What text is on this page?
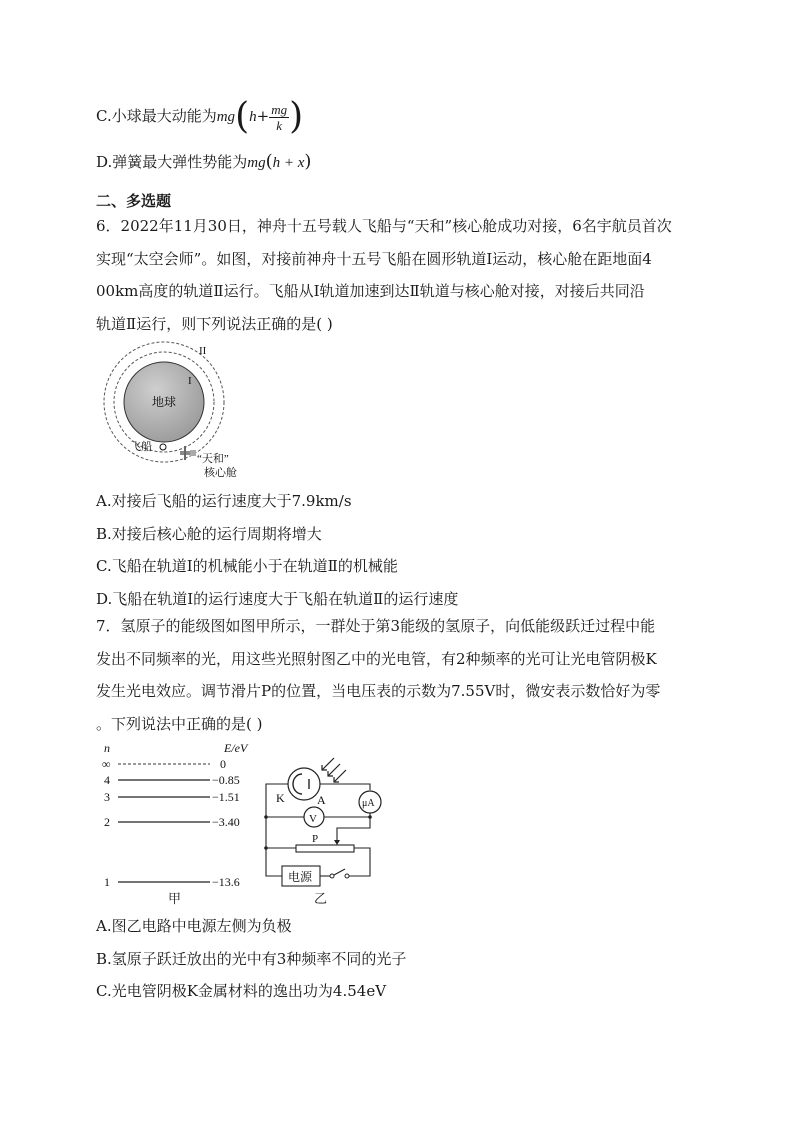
C.小球最大动能为$mg(h+ \frac{mg}{k}$ )
D.弹簧最大弹性势能为mg(h + x)
二、多选题
6．2022年11月30日，神舟十五号载人飞船与“天和”核心舱成功对接，6名宇航员首次
实现“太空会师”。如图，对接前神舟十五号飞船在圆形轨道Ⅰ运动，核心舱在距地面4
00km高度的轨道Ⅱ运行。飞船从Ⅰ轨道加速到达Ⅱ轨道与核心舱对接，对接后共同沿
轨道Ⅱ运行，则下列说法正确的是( )
地球
II
I
飞船
“天和”
核心舱
A.对接后飞船的运行速度大于7.9km/s
B.对接后核心舱的运行周期将增大
C.飞船在轨道Ⅰ的机械能小于在轨道Ⅱ的机械能
D.飞船在轨道Ⅰ的运行速度大于飞船在轨道Ⅱ的运行速度
7．氢原子的能级图如图甲所示，一群处于第3能级的氢原子，向低能级跃迁过程中能
发出不同频率的光，用这些光照射图乙中的光电管，有2种频率的光可让光电管阴极K
发生光电效应。调节滑片P的位置，当电压表的示数为7.55V时，微安表示数恰好为零
。下列说法中正确的是( )
n	E/eV
∞	0
4	−0.85
3	−1.51
2	−3.40
1	−13.6
甲
K	A	μA
V
P
电源
乙
A.图乙电路中电源左侧为负极
B.氢原子跃迁放出的光中有3种频率不同的光子
C.光电管阴极K金属材料的逸出功为4.54eV
